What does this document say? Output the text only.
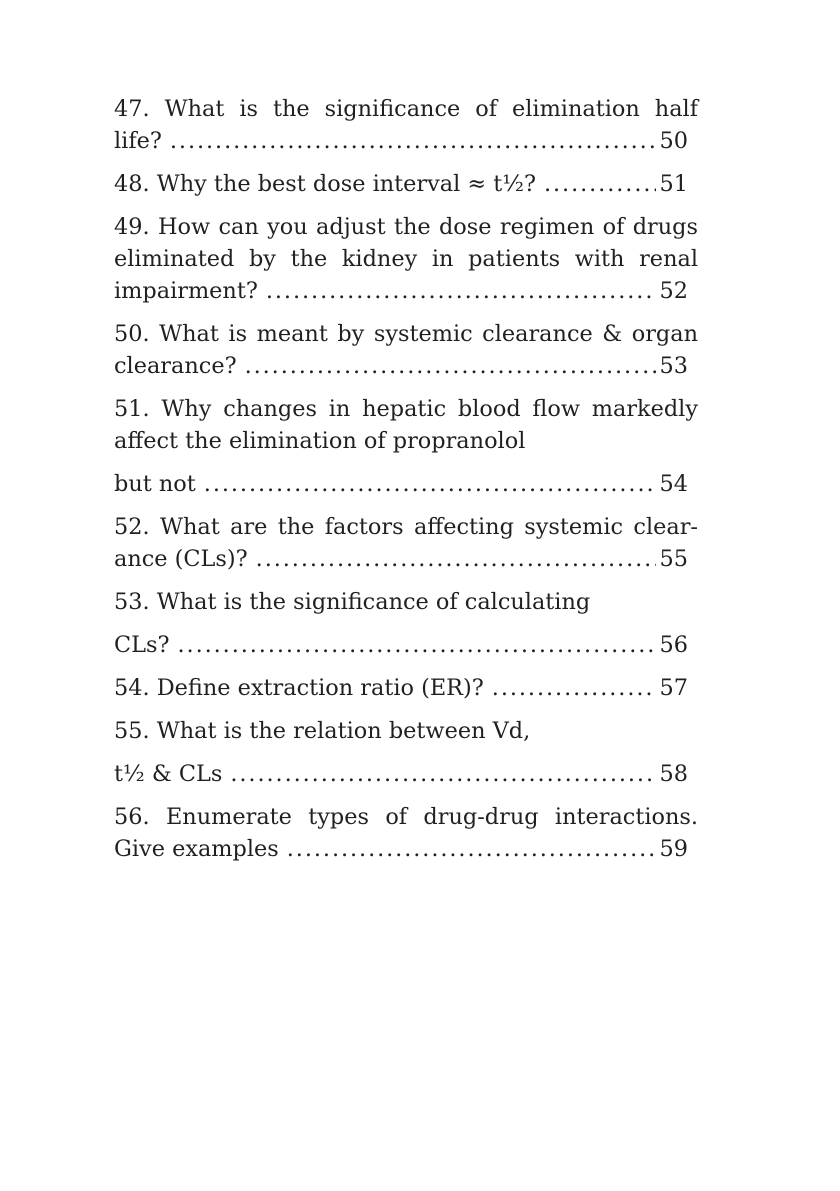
47. What is the significance of elimination half
life? . . .	50
48. Why the best dose interval ≈ t½? . . .	51
49. How can you adjust the dose regimen of drugs eliminated by the kidney in patients with renal
impairment? . . .	52
50. What is meant by systemic clearance & organ
clearance? . . .	53
51. Why changes in hepatic blood flow markedly affect the elimination of propranolol
but not . . .	54
52. What are the factors affecting systemic clear-
ance (CLs)? . . .	55
53. What is the significance of calculating
CLs? . . .	56
54. Define extraction ratio (ER)? . . .	57
55. What is the relation between Vd,
t½ & CLs . . .	58
56. Enumerate types of drug-drug interactions.
Give examples . . .	59
